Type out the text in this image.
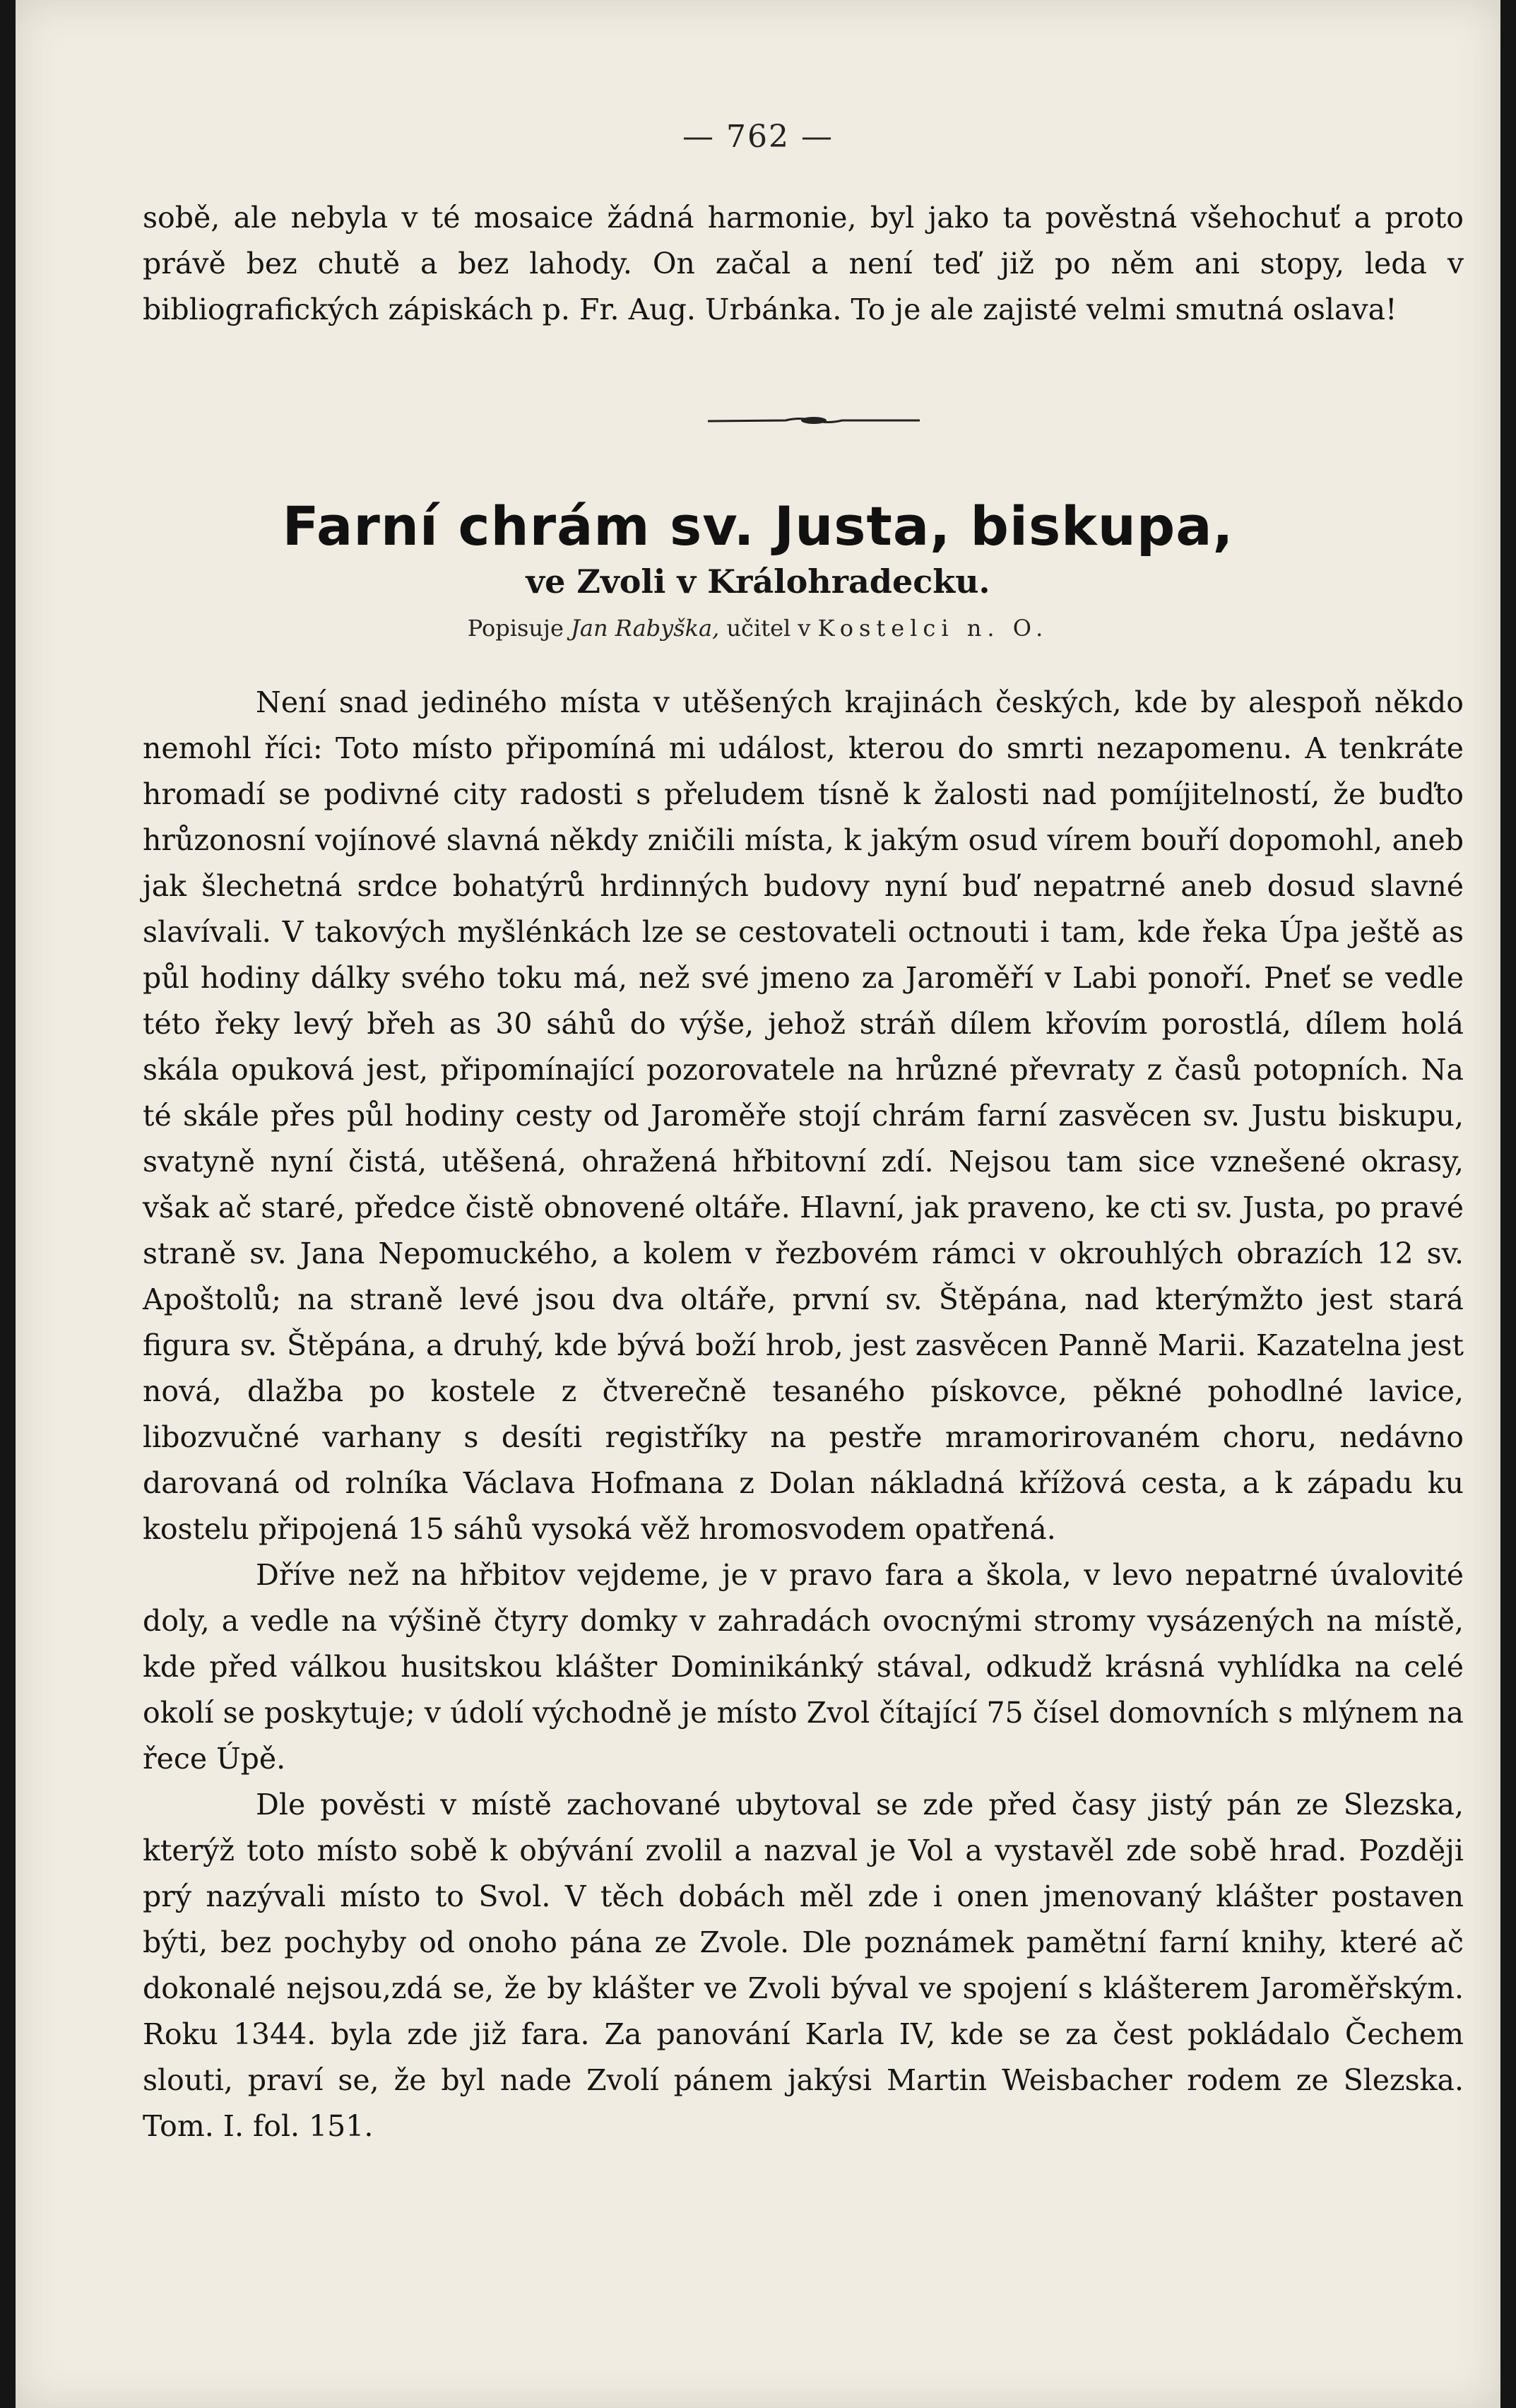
— 762 —

sobě, ale nebyla v té mosaice žádná harmonie, byl jako ta pověstná všehochuť a proto právě bez chutě a bez lahody. On začal a není teď již po něm ani stopy, leda v bibliografických zápiskách p. Fr. Aug. Urbánka. To je ale zajisté velmi smutná oslava!

Farní chrám sv. Justa, biskupa,
ve Zvoli v Králohradecku.
Popisuje Jan Rabyška, učitel v Kostelci n. O.

Není snad jediného místa v utěšených krajinách českých, kde by alespoň někdo nemohl říci: Toto místo připomíná mi událost, kterou do smrti nezapomenu. A tenkráte hromadí se podivné city radosti s přeludem tísně k žalosti nad pomíjitelností, že buďto hrůzonosní vojínové slavná někdy zničili místa, k jakým osud vírem bouří dopomohl, aneb jak šlechetná srdce bohatýrů hrdinných budovy nyní buď nepatrné aneb dosud slavné slavívali. V takových myšlénkách lze se cestovateli octnouti i tam, kde řeka Úpa ještě as půl hodiny dálky svého toku má, než své jmeno za Jaroměří v Labi ponoří. Pneť se vedle této řeky levý břeh as 30 sáhů do výše, jehož stráň dílem křovím porostlá, dílem holá skála opuková jest, připomínající pozorovatele na hrůzné převraty z časů potopních. Na té skále přes půl hodiny cesty od Jaroměře stojí chrám farní zasvěcen sv. Justu biskupu, svatyně nyní čistá, utěšená, ohražená hřbitovní zdí. Nejsou tam sice vznešené okrasy, však ač staré, předce čistě obnovené oltáře. Hlavní, jak praveno, ke cti sv. Justa, po pravé straně sv. Jana Nepomuckého, a kolem v řezbovém rámci v okrouhlých obrazích 12 sv. Apoštolů; na straně levé jsou dva oltáře, první sv. Štěpána, nad kterýmžto jest stará figura sv. Štěpána, a druhý, kde bývá boží hrob, jest zasvěcen Panně Marii. Kazatelna jest nová, dlažba po kostele z čtverečně tesaného pískovce, pěkné pohodlné lavice, libozvučné varhany s desíti registříky na pestře mramorirovaném choru, nedávno darovaná od rolníka Václava Hofmana z Dolan nákladná křížová cesta, a k západu ku kostelu připojená 15 sáhů vysoká věž hromosvodem opatřená.

Dříve než na hřbitov vejdeme, je v pravo fara a škola, v levo nepatrné úvalovité doly, a vedle na výšině čtyry domky v zahradách ovocnými stromy vysázených na místě, kde před válkou husitskou klášter Dominikánký stával, odkudž krásná vyhlídka na celé okolí se poskytuje; v údolí východně je místo Zvol čítající 75 čísel domovních s mlýnem na řece Úpě.

Dle pověsti v místě zachované ubytoval se zde před časy jistý pán ze Slezska, kterýž toto místo sobě k obývání zvolil a nazval je Vol a vystavěl zde sobě hrad. Později prý nazývali místo to Svol. V těch dobách měl zde i onen jmenovaný klášter postaven býti, bez pochyby od onoho pána ze Zvole. Dle poznámek pamětní farní knihy, které ač dokonalé nejsou,zdá se, že by klášter ve Zvoli býval ve spojení s klášterem Jaroměřským. Roku 1344. byla zde již fara. Za panování Karla IV, kde se za čest pokládalo Čechem slouti, praví se, že byl nade Zvolí pánem jakýsi Martin Weisbacher rodem ze Slezska. Tom. I. fol. 151.
